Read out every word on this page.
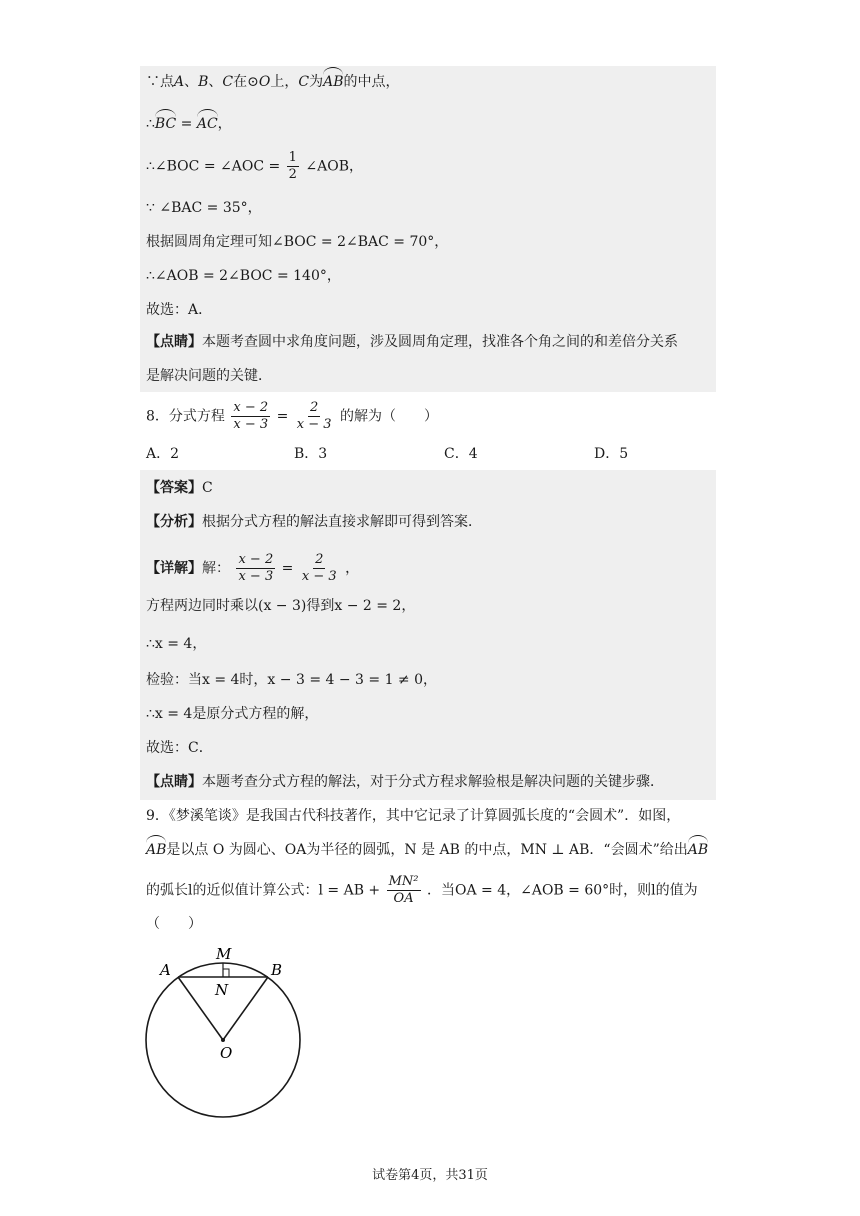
∵点A、B、C在⊙O上，C为AB的中点，
∴BC = AC，
∴∠BOC = ∠AOC = $\frac{1}{2}$ ∠AOB，
∵ ∠BAC = 35°，
根据圆周角定理可知∠BOC = 2∠BAC = 70°，
∴∠AOB = 2∠BOC = 140°，
故选：A．
【点睛】本题考查圆中求角度问题，涉及圆周角定理，找准各个角之间的和差倍分关系
是解决问题的关键．
8．分式方程 $\frac{x - 2}{x - 3} = \frac{2}{x - 3}$ 的解为（　　）
A．2	B．3	C．4	D．5
【答案】C
【分析】根据分式方程的解法直接求解即可得到答案．
【详解】解： $\frac{x - 2}{x - 3} = \frac{2}{x - 3}$ ，
方程两边同时乘以(x − 3)得到x − 2 = 2，
∴x = 4，
检验：当x = 4时，x − 3 = 4 − 3 = 1 ≠ 0，
∴x = 4是原分式方程的解，
故选：C．
【点睛】本题考查分式方程的解法，对于分式方程求解验根是解决问题的关键步骤．
9．《梦溪笔谈》是我国古代科技著作，其中它记录了计算圆弧长度的“会圆术”．如图，
AB是以点 O 为圆心、OA为半径的圆弧，N 是 AB 的中点，MN ⊥ AB．“会圆术”给出AB
的弧长l的近似值计算公式：l = AB + $\frac{\text{MN²}}{OA}$ ．当OA = 4，∠AOB = 60°时，则l的值为
（　　）
M
A	B
N
O
试卷第4页，共31页
